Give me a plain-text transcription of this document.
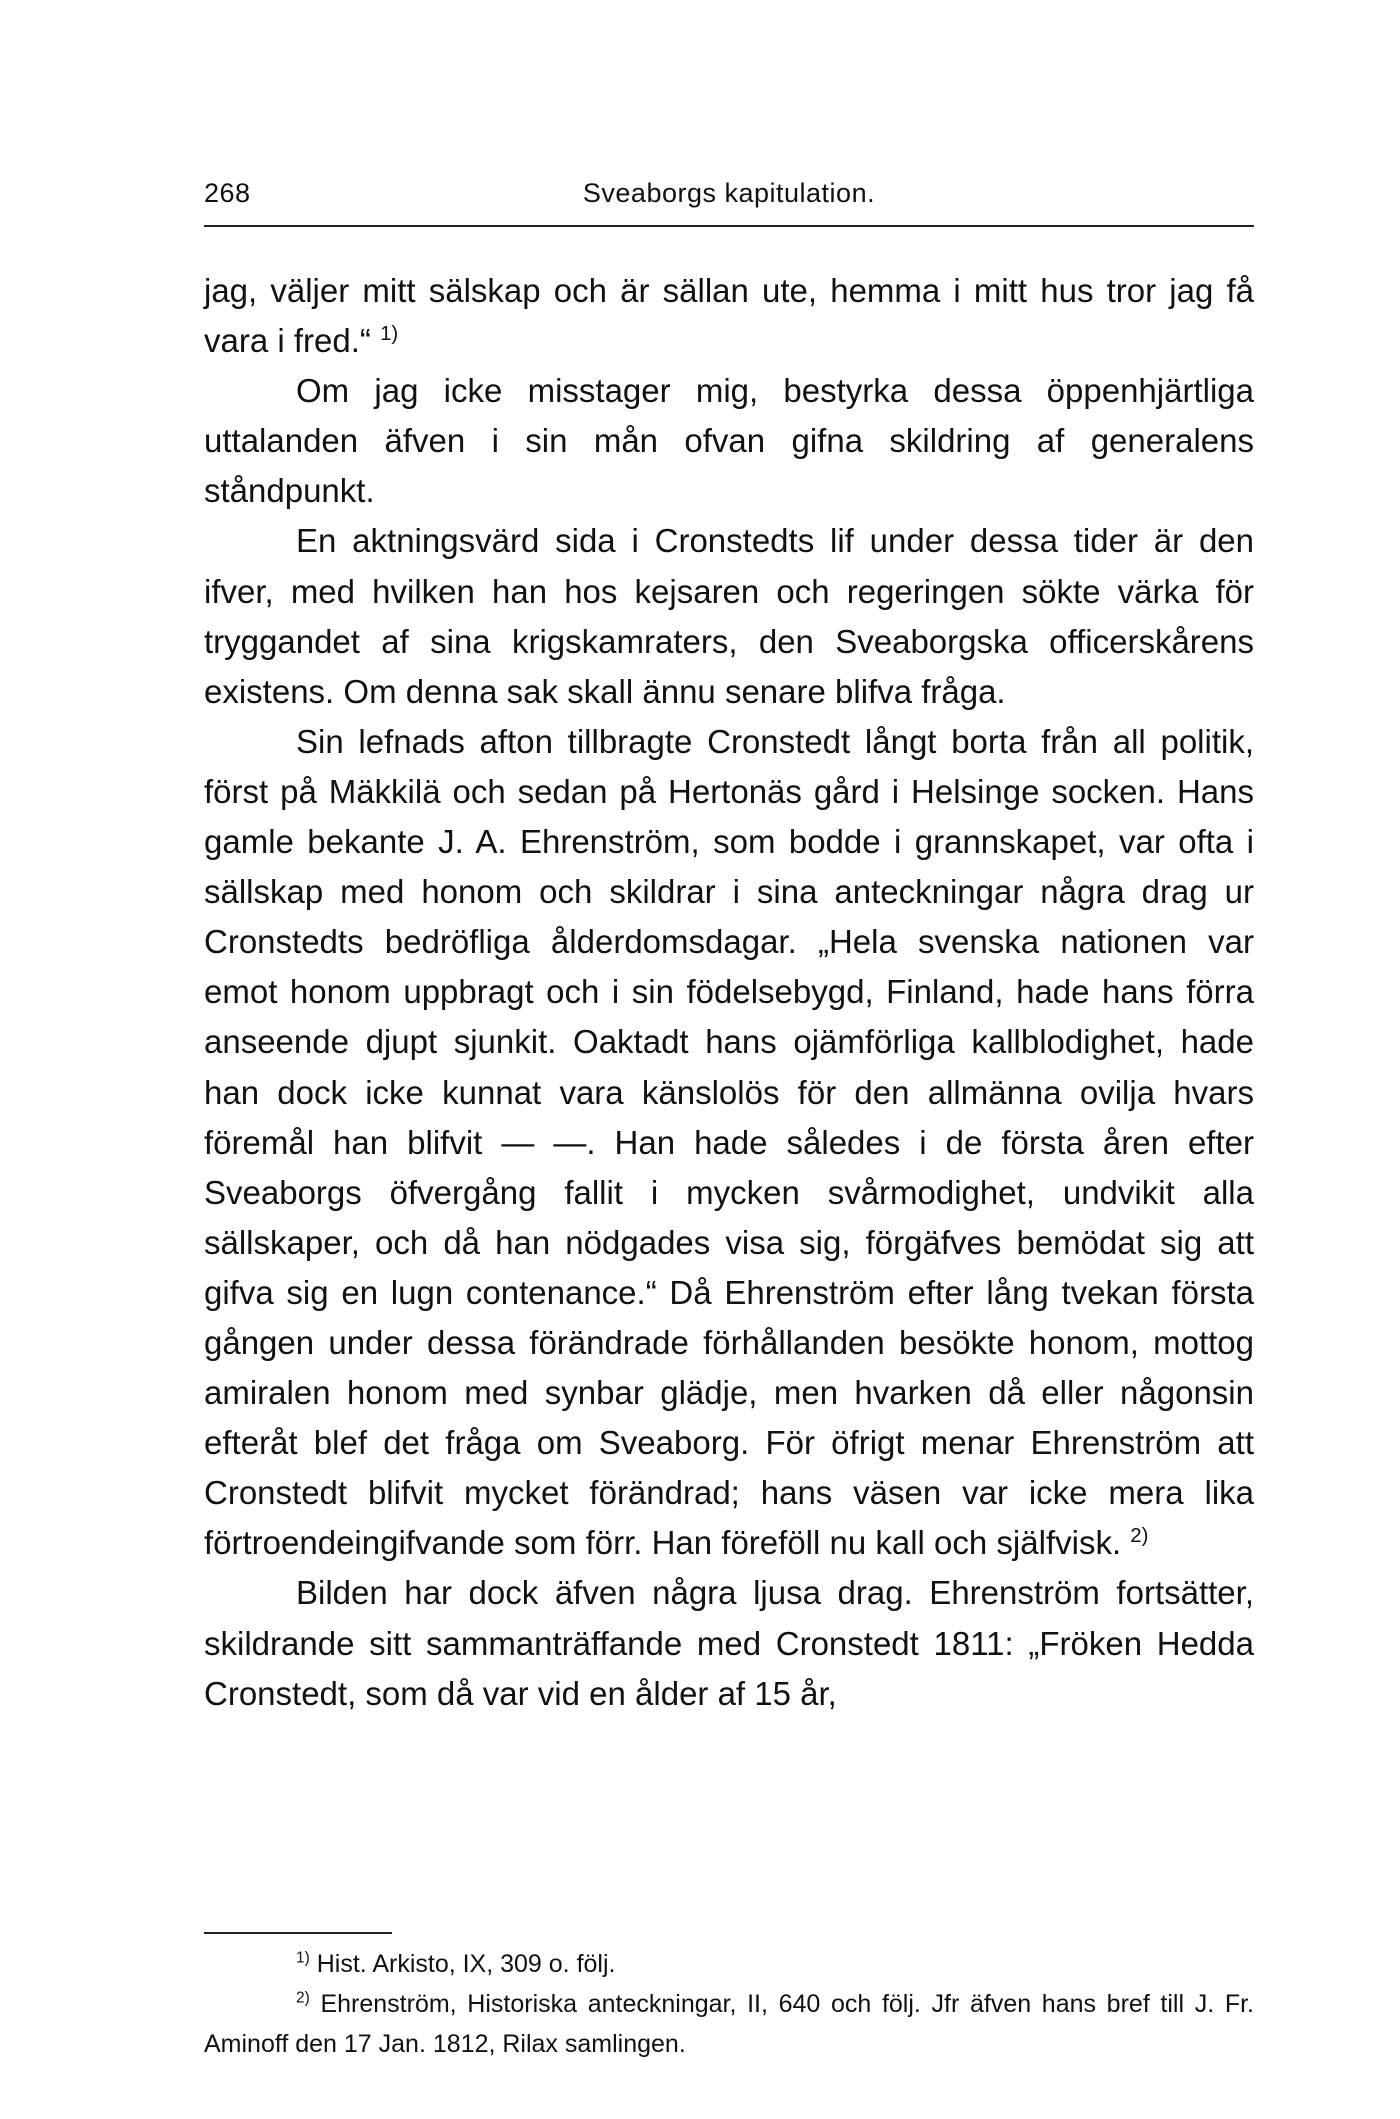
268	Sveaborgs kapitulation.

jag, väljer mitt sälskap och är sällan ute, hemma i mitt hus tror jag få vara i fred.“ $^{1)}$

Om jag icke misstager mig, bestyrka dessa öppenhjärtliga uttalanden äfven i sin mån ofvan gifna skildring af generalens ståndpunkt.

En aktningsvärd sida i Cronstedts lif under dessa tider är den ifver, med hvilken han hos kejsaren och regeringen sökte värka för tryggandet af sina krigskamraters, den Sveaborgska officerskårens existens. Om denna sak skall ännu senare blifva fråga.

Sin lefnads afton tillbragte Cronstedt långt borta från all politik, först på Mäkkilä och sedan på Hertonäs gård i Helsinge socken. Hans gamle bekante J. A. Ehrenström, som bodde i grannskapet, var ofta i sällskap med honom och skildrar i sina anteckningar några drag ur Cronstedts bedröfliga ålderdomsdagar. „Hela svenska nationen var emot honom uppbragt och i sin födelsebygd, Finland, hade hans förra anseende djupt sjunkit. Oaktadt hans ojämförliga kallblodighet, hade han dock icke kunnat vara känslolös för den allmänna ovilja hvars föremål han blifvit — —. Han hade således i de första åren efter Sveaborgs öfvergång fallit i mycken svårmodighet, undvikit alla sällskaper, och då han nödgades visa sig, förgäfves bemödat sig att gifva sig en lugn contenance.“ Då Ehrenström efter lång tvekan första gången under dessa förändrade förhållanden besökte honom, mottog amiralen honom med synbar glädje, men hvarken då eller någonsin efteråt blef det fråga om Sveaborg. För öfrigt menar Ehrenström att Cronstedt blifvit mycket förändrad; hans väsen var icke mera lika förtroendeingifvande som förr. Han föreföll nu kall och själfvisk. $^{2)}$

Bilden har dock äfven några ljusa drag. Ehrenström fortsätter, skildrande sitt sammanträffande med Cronstedt 1811: „Fröken Hedda Cronstedt, som då var vid en ålder af 15 år,

$^{1)}$ Hist. Arkisto, IX, 309 o. följ.

$^{2)}$ Ehrenström, Historiska anteckningar, II, 640 och följ. Jfr äfven hans bref till J. Fr. Aminoff den 17 Jan. 1812, Rilax samlingen.
